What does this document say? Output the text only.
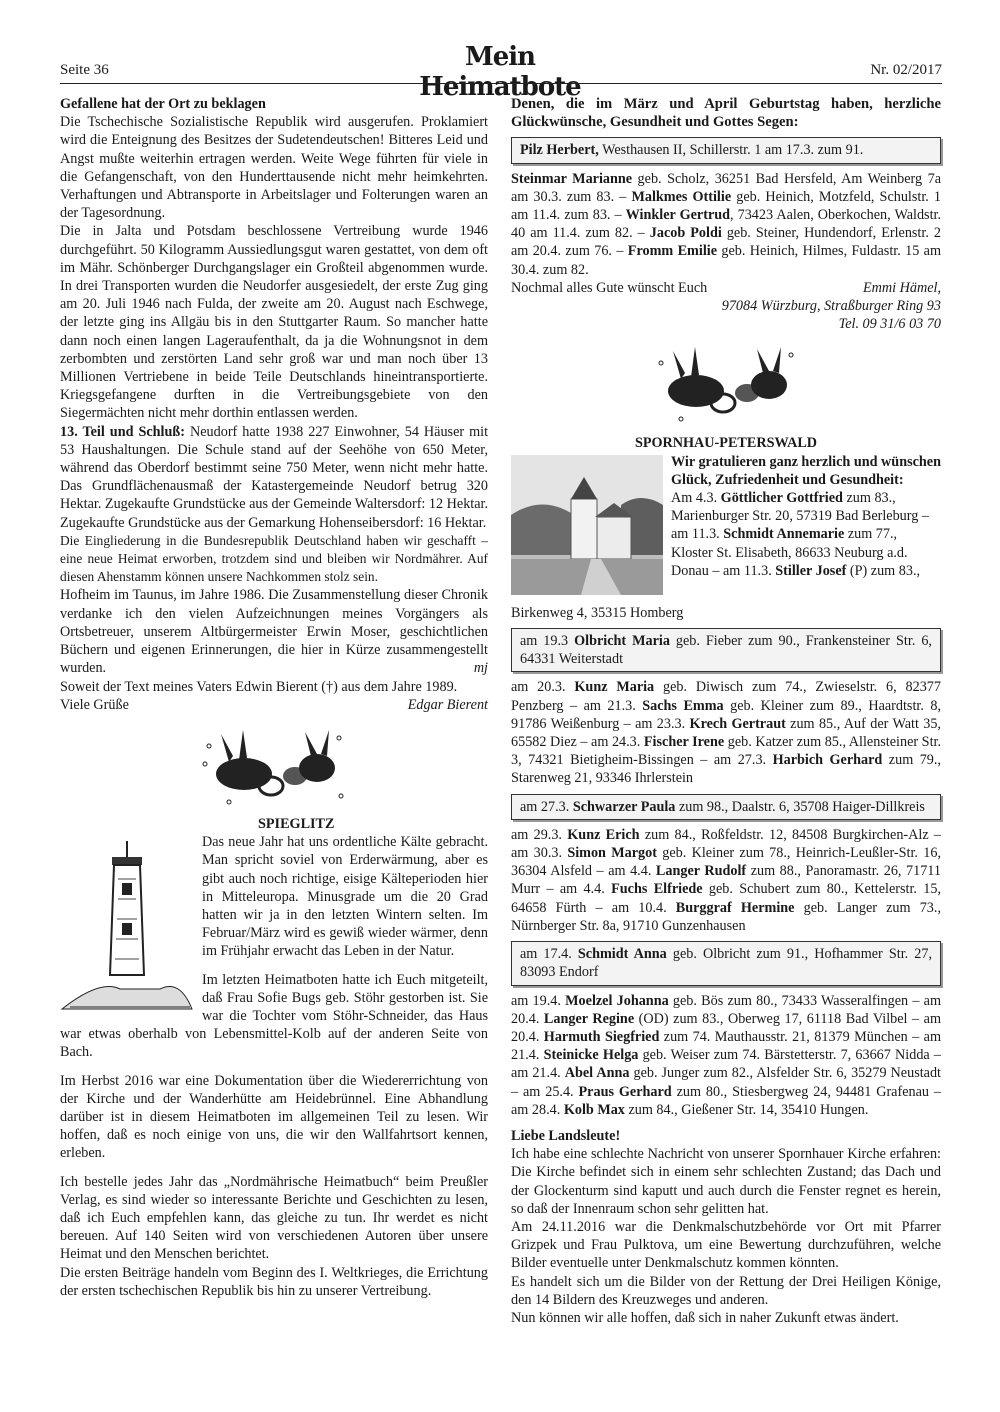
Seite 36	Mein Heimatbote
Nr. 02/2017

Gefallene hat der Ort zu beklagen

Die Tschechische Sozialistische Republik wird ausgerufen. Proklamiert wird die Enteignung des Besitzes der Sudetendeutschen! Bitteres Leid und Angst mußte weiterhin ertragen werden. Weite Wege führten für viele in die Gefangenschaft, von den Hunderttausende nicht mehr heimkehrten. Verhaftungen und Abtransporte in Arbeitslager und Folterungen waren an der Tagesordnung.

Die in Jalta und Potsdam beschlossene Vertreibung wurde 1946 durchgeführt. 50 Kilogramm Aussiedlungsgut waren gestattet, von dem oft im Mähr. Schönberger Durchgangslager ein Großteil abgenommen wurde. In drei Transporten wurden die Neudorfer ausgesiedelt, der erste Zug ging am 20. Juli 1946 nach Fulda, der zweite am 20. August nach Eschwege, der letzte ging ins Allgäu bis in den Stuttgarter Raum. So mancher hatte dann noch einen langen Lageraufenthalt, da ja die Wohnungsnot in dem zerbombten und zerstörten Land sehr groß war und man noch über 13 Millionen Vertriebene in beide Teile Deutschlands hineintransportierte. Kriegsgefangene durften in die Vertreibungsgebiete von den Siegermächten nicht mehr dorthin entlassen werden.

13. Teil und Schluß: Neudorf hatte 1938 227 Einwohner, 54 Häuser mit 53 Haushaltungen. Die Schule stand auf der Seehöhe von 650 Meter, während das Oberdorf bestimmt seine 750 Meter, wenn nicht mehr hatte. Das Grundflächenausmaß der Katastergemeinde Neudorf betrug 320 Hektar. Zugekaufte Grundstücke aus der Gemeinde Waltersdorf: 12 Hektar. Zugekaufte Grundstücke aus der Gemarkung Hohenseibersdorf: 16 Hektar.

Die Eingliederung in die Bundesrepublik Deutschland haben wir geschafft – eine neue Heimat erworben, trotzdem sind und bleiben wir Nordmährer. Auf diesen Ahenstamm können unsere Nachkommen stolz sein.

Hofheim im Taunus, im Jahre 1986. Die Zusammenstellung dieser Chronik verdanke ich den vielen Aufzeichnungen meines Vorgängers als Ortsbetreuer, unserem Altbürgermeister Erwin Moser, geschichtlichen Büchern und eigenen Erinnerungen, die hier in Kürze zusammengestellt wurden.	mj

Soweit der Text meines Vaters Edwin Bierent (†) aus dem Jahre 1989.

Viele Grüße	Edgar Bierent

SPIEGLITZ

Das neue Jahr hat uns ordentliche Kälte gebracht. Man spricht soviel von Erderwärmung, aber es gibt auch noch richtige, eisige Kälteperioden hier in Mitteleuropa. Minusgrade um die 20 Grad hatten wir ja in den letzten Wintern selten. Im Februar/März wird es gewiß wieder wärmer, denn im Frühjahr erwacht das Leben in der Natur.

Im letzten Heimatboten hatte ich Euch mitgeteilt, daß Frau Sofie Bugs geb. Stöhr gestorben ist. Sie war die Tochter vom Stöhr-Schneider, das Haus war etwas oberhalb von Lebensmittel-Kolb auf der anderen Seite von Bach.

Im Herbst 2016 war eine Dokumentation über die Wiedererrichtung von der Kirche und der Wanderhütte am Heidebrünnel. Eine Abhandlung darüber ist in diesem Heimatboten im allgemeinen Teil zu lesen. Wir hoffen, daß es noch einige von uns, die wir den Wallfahrtsort kennen, erleben.

Ich bestelle jedes Jahr das „Nordmährische Heimatbuch“ beim Preußler Verlag, es sind wieder so interessante Berichte und Geschichten zu lesen, daß ich Euch empfehlen kann, das gleiche zu tun. Ihr werdet es nicht bereuen. Auf 140 Seiten wird von verschiedenen Autoren über unsere Heimat und den Menschen berichtet.

Die ersten Beiträge handeln vom Beginn des I. Weltkrieges, die Errichtung der ersten tschechischen Republik bis hin zu unserer Vertreibung.

Denen, die im März und April Geburtstag haben, herzliche Glückwünsche, Gesundheit und Gottes Segen:

Pilz Herbert, Westhausen II, Schillerstr. 1 am 17.3. zum 91.

Steinmar Marianne geb. Scholz, 36251 Bad Hersfeld, Am Weinberg 7a am 30.3. zum 83. – Malkmes Ottilie geb. Heinich, Motzfeld, Schulstr. 1 am 11.4. zum 83. – Winkler Gertrud, 73423 Aalen, Oberkochen, Waldstr. 40 am 11.4. zum 82. – Jacob Poldi geb. Steiner, Hundendorf, Erlenstr. 2 am 20.4. zum 76. – Fromm Emilie geb. Heinich, Hilmes, Fuldastr. 15 am 30.4. zum 82.

Nochmal alles Gute wünscht Euch	Emmi Hämel,

97084 Würzburg, Straßburger Ring 93

Tel. 09 31/6 03 70

SPORNHAU-PETERSWALD

Wir gratulieren ganz herzlich und wünschen Glück, Zufriedenheit und Gesundheit:

Am 4.3. Göttlicher Gottfried zum 83., Marienburger Str. 20, 57319 Bad Berleburg – am 11.3. Schmidt Annemarie zum 77., Kloster St. Elisabeth, 86633 Neuburg a.d. Donau – am 11.3. Stiller Josef (P) zum 83.,

Birkenweg 4, 35315 Homberg

am 19.3 Olbricht Maria geb. Fieber zum 90., Frankensteiner Str. 6, 64331 Weiterstadt

am 20.3. Kunz Maria geb. Diwisch zum 74., Zwieselstr. 6, 82377 Penzberg – am 21.3. Sachs Emma geb. Kleiner zum 89., Haardtstr. 8, 91786 Weißenburg – am 23.3. Krech Gertraut zum 85., Auf der Watt 35, 65582 Diez – am 24.3. Fischer Irene geb. Katzer zum 85., Allensteiner Str. 3, 74321 Bietigheim-Bissingen – am 27.3. Harbich Gerhard zum 79., Starenweg 21, 93346 Ihrlerstein

am 27.3. Schwarzer Paula zum 98., Daalstr. 6, 35708 Haiger-Dillkreis

am 29.3. Kunz Erich zum 84., Roßfeldstr. 12, 84508 Burgkirchen-Alz – am 30.3. Simon Margot geb. Kleiner zum 78., Heinrich-Leußler-Str. 16, 36304 Alsfeld – am 4.4. Langer Rudolf zum 88., Panoramastr. 26, 71711 Murr – am 4.4. Fuchs Elfriede geb. Schubert zum 80., Kettelerstr. 15, 64658 Fürth – am 10.4. Burggraf Hermine geb. Langer zum 73., Nürnberger Str. 8a, 91710 Gunzenhausen

am 17.4. Schmidt Anna geb. Olbricht zum 91., Hofhammer Str. 27, 83093 Endorf

am 19.4. Moelzel Johanna geb. Bös zum 80., 73433 Wasseralfingen – am 20.4. Langer Regine (OD) zum 83., Oberweg 17, 61118 Bad Vilbel – am 20.4. Harmuth Siegfried zum 74. Mauthausstr. 21, 81379 München – am 21.4. Steinicke Helga geb. Weiser zum 74. Bärstetterstr. 7, 63667 Nidda – am 21.4. Abel Anna geb. Junger zum 82., Alsfelder Str. 6, 35279 Neustadt – am 25.4. Praus Gerhard zum 80., Stiesbergweg 24, 94481 Grafenau – am 28.4. Kolb Max zum 84., Gießener Str. 14, 35410 Hungen.

Liebe Landsleute!

Ich habe eine schlechte Nachricht von unserer Spornhauer Kirche erfahren: Die Kirche befindet sich in einem sehr schlechten Zustand; das Dach und der Glockenturm sind kaputt und auch durch die Fenster regnet es herein, so daß der Innenraum schon sehr gelitten hat.

Am 24.11.2016 war die Denkmalschutzbehörde vor Ort mit Pfarrer Grizpek und Frau Pulktova, um eine Bewertung durchzuführen, welche Bilder eventuelle unter Denkmalschutz kommen könnten.

Es handelt sich um die Bilder von der Rettung der Drei Heiligen Könige, den 14 Bildern des Kreuzweges und anderen.

Nun können wir alle hoffen, daß sich in naher Zukunft etwas ändert.
